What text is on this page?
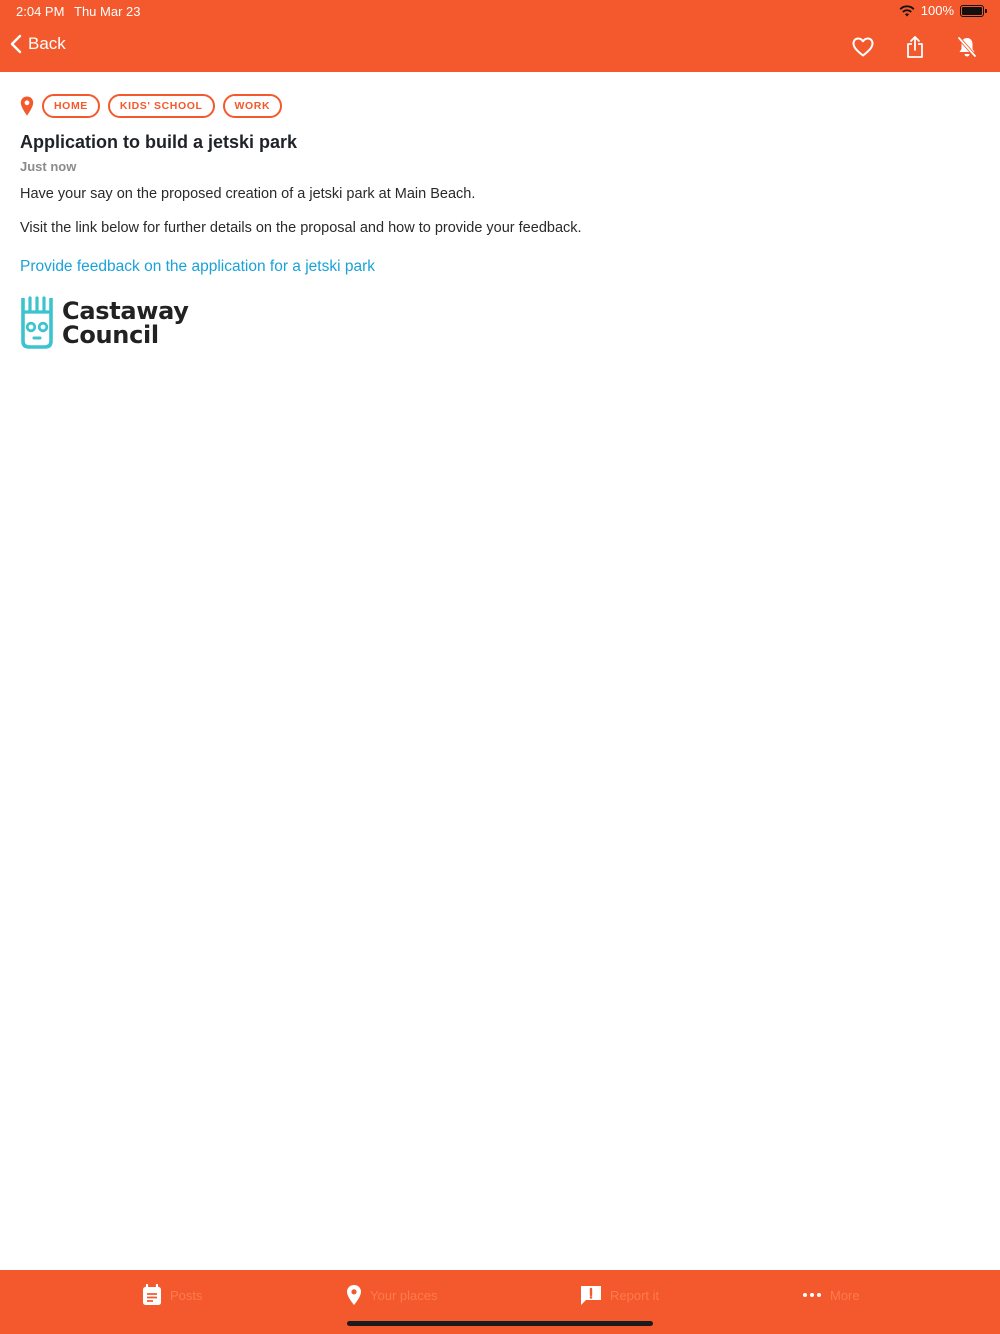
2:04 PM Thu Mar 23	100%
Back
HOME	KIDS' SCHOOL	WORK
Application to build a jetski park
Just now

Have your say on the proposed creation of a jetski park at Main Beach.

Visit the link below for further details on the proposal and how to provide your feedback.

Provide feedback on the application for a jetski park
Castaway
Council
Posts	Your places	Report it	More
